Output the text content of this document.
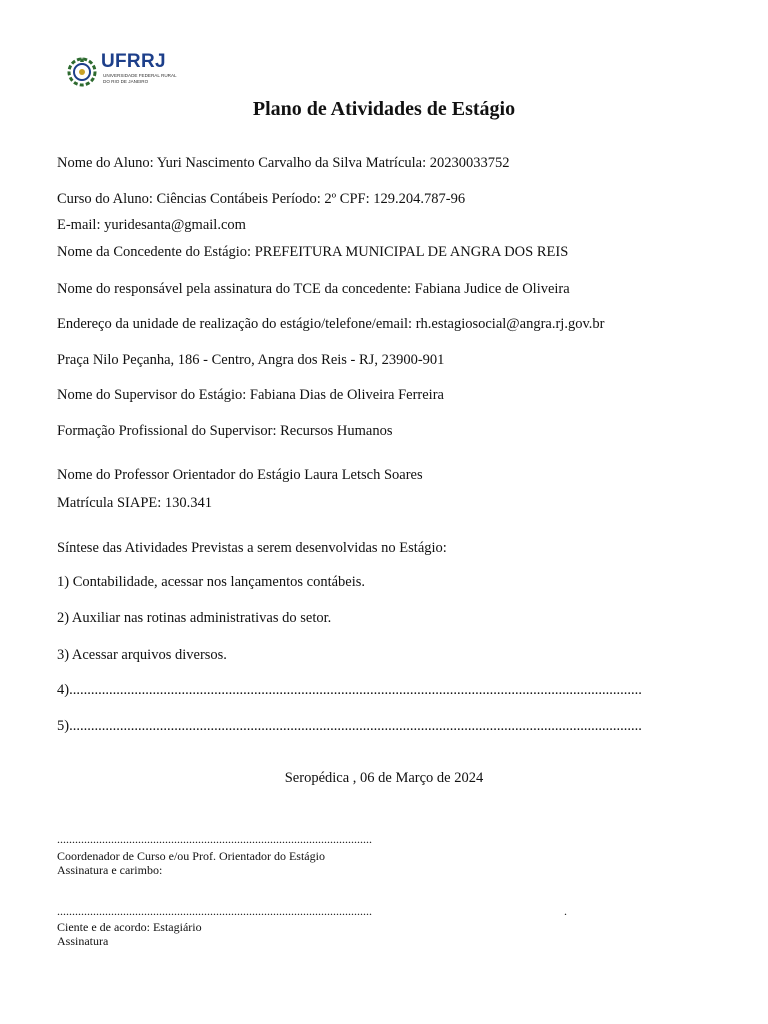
UFRRJ
UNIVERSIDADE FEDERAL RURAL DO RIO DE JANEIRO
Plano de Atividades de Estágio
Nome do Aluno: Yuri Nascimento Carvalho da Silva Matrícula: 20230033752
Curso do Aluno: Ciências Contábeis Período: 2º CPF: 129.204.787-96
E-mail: yuridesanta@gmail.com
Nome da Concedente do Estágio: PREFEITURA MUNICIPAL DE ANGRA DOS REIS
Nome do responsável pela assinatura do TCE da concedente: Fabiana Judice de Oliveira
Endereço da unidade de realização do estágio/telefone/email: rh.estagiosocial@angra.rj.gov.br
Praça Nilo Peçanha, 186 - Centro, Angra dos Reis - RJ, 23900-901
Nome do Supervisor do Estágio: Fabiana Dias de Oliveira Ferreira
Formação Profissional do Supervisor: Recursos Humanos
Nome do Professor Orientador do Estágio Laura Letsch Soares
Matrícula SIAPE: 130.341
Síntese das Atividades Previstas a serem desenvolvidas no Estágio:
1) Contabilidade, acessar nos lançamentos contábeis.
2) Auxiliar nas rotinas administrativas do setor.
3) Acessar arquivos diversos.
4)..............................................................................................................................................................
5)..............................................................................................................................................................
Seropédica , 06 de Março de 2024
.........................................................................................................
Coordenador de Curso e/ou Prof. Orientador do Estágio
Assinatura e carimbo:
.........................................................................................................	.
Ciente e de acordo: Estagiário
Assinatura
